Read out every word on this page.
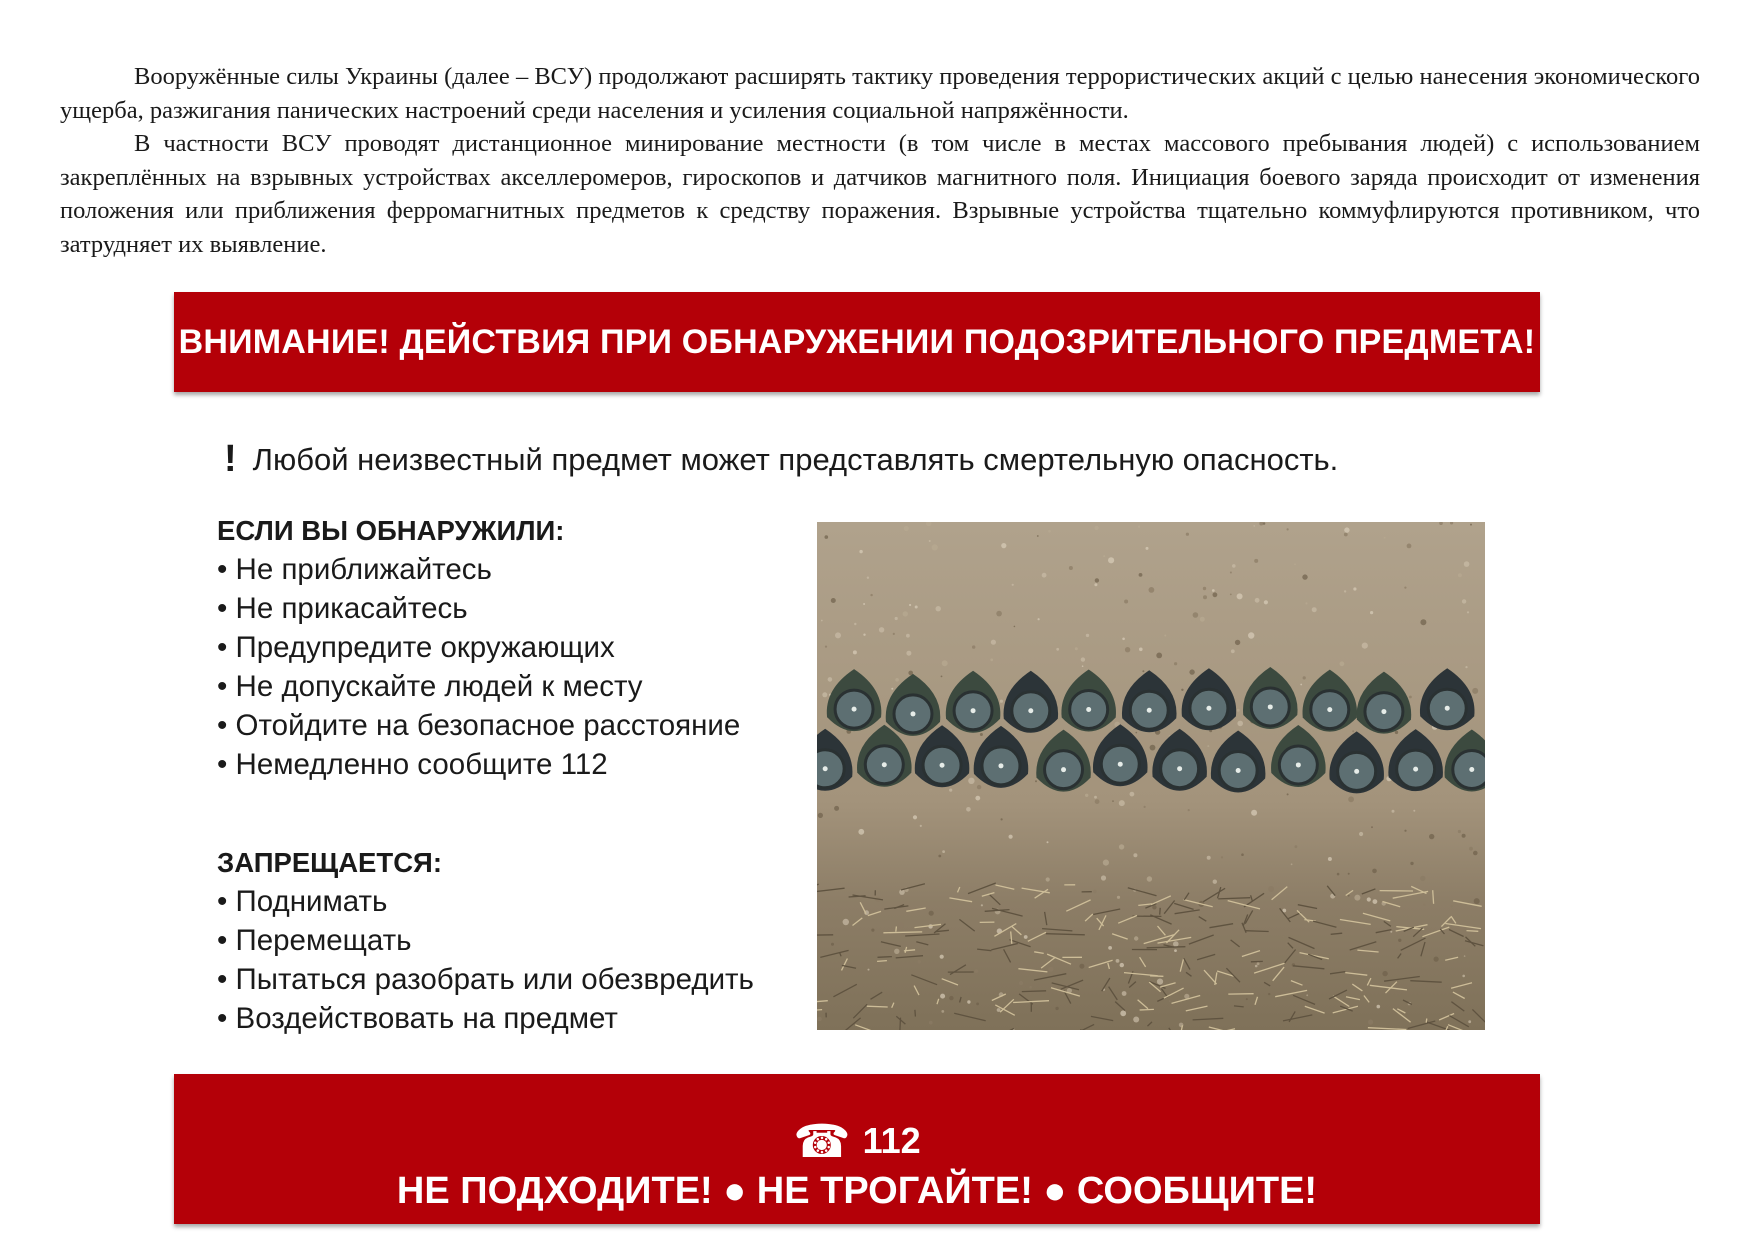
Вооружённые силы Украины (далее – ВСУ) продолжают расширять тактику проведения террористических акций с целью нанесения экономического ущерба, разжигания панических настроений среди населения и усиления социальной напряжённости.

В частности ВСУ проводят дистанционное минирование местности (в том числе в местах массового пребывания людей) с использованием закреплённых на взрывных устройствах акселлеромеров, гироскопов и датчиков магнитного поля. Инициация боевого заряда происходит от изменения положения или приближения ферромагнитных предметов к средству поражения. Взрывные устройства тщательно коммуфлируются противником, что затрудняет их выявление.

ВНИМАНИЕ! ДЕЙСТВИЯ ПРИ ОБНАРУЖЕНИИ ПОДОЗРИТЕЛЬНОГО ПРЕДМЕТА!
! Любой неизвестный предмет может представлять смертельную опасность.
ЕСЛИ ВЫ ОБНАРУЖИЛИ:
• Не приближайтесь
• Не прикасайтесь
• Предупредите окружающих
• Не допускайте людей к месту
• Отойдите на безопасное расстояние
• Немедленно сообщите 112
ЗАПРЕЩАЕТСЯ:
• Поднимать
• Перемещать
• Пытаться разобрать или обезвредить
• Воздействовать на предмет
☎ 112
НЕ ПОДХОДИТЕ! ● НЕ ТРОГАЙТЕ! ● СООБЩИТЕ!
